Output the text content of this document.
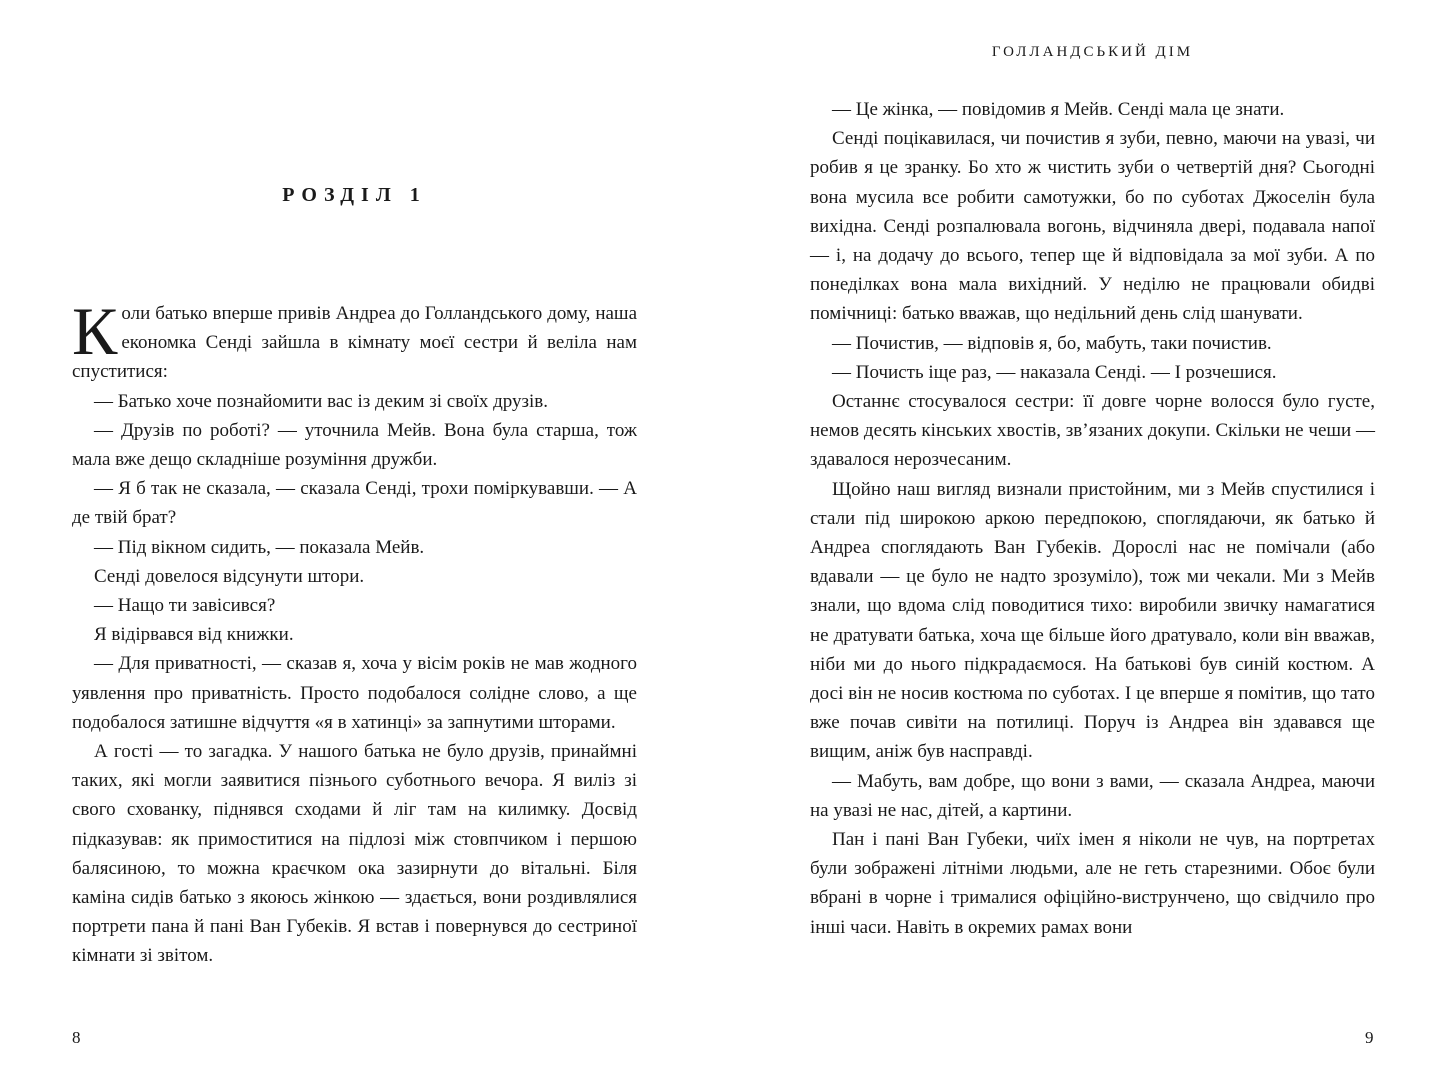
РОЗДІЛ 1

Коли батько вперше привів Андреа до Голландського дому, наша економка Сенді зайшла в кімнату моєї сестри й веліла нам спуститися:

— Батько хоче познайомити вас із деким зі своїх друзів.

— Друзів по роботі? — уточнила Мейв. Вона була старша, тож мала вже дещо складніше розуміння дружби.

— Я б так не сказала, — сказала Сенді, трохи поміркувавши. — А де твій брат?

— Під вікном сидить, — показала Мейв.

Сенді довелося відсунути штори.

— Нащо ти завісився?

Я відірвався від книжки.

— Для приватності, — сказав я, хоча у вісім років не мав жодного уявлення про приватність. Просто подобалося солідне слово, а ще подобалося затишне відчуття «я в хатинці» за запнутими шторами.

А гості — то загадка. У нашого батька не було друзів, принаймні таких, які могли заявитися пізнього суботнього вечора. Я виліз зі свого схованку, піднявся сходами й ліг там на килимку. Досвід підказував: як примоститися на підлозі між стовпчиком і першою балясиною, то можна краєчком ока зазирнути до вітальні. Біля каміна сидів батько з якоюсь жінкою — здається, вони роздивлялися портрети пана й пані Ван Губеків. Я встав і повернувся до сестриної кімнати зі звітом.

8
ГОЛЛАНДСЬКИЙ ДІМ

— Це жінка, — повідомив я Мейв. Сенді мала це знати.

Сенді поцікавилася, чи почистив я зуби, певно, маючи на увазі, чи робив я це зранку. Бо хто ж чистить зуби о четвертій дня? Сьогодні вона мусила все робити самотужки, бо по суботах Джоселін була вихідна. Сенді розпалювала вогонь, відчиняла двері, подавала напої — і, на додачу до всього, тепер ще й відповідала за мої зуби. А по понеділках вона мала вихідний. У неділю не працювали обидві помічниці: батько вважав, що недільний день слід шанувати.

— Почистив, — відповів я, бо, мабуть, таки почистив.

— Почисть іще раз, — наказала Сенді. — І розчешися.

Останнє стосувалося сестри: її довге чорне волосся було густе, немов десять кінських хвостів, зв’язаних докупи. Скільки не чеши — здавалося нерозчесаним.

Щойно наш вигляд визнали пристойним, ми з Мейв спустилися і стали під широкою аркою передпокою, споглядаючи, як батько й Андреа споглядають Ван Губеків. Дорослі нас не помічали (або вдавали — це було не надто зрозуміло), тож ми чекали. Ми з Мейв знали, що вдома слід поводитися тихо: виробили звичку намагатися не дратувати батька, хоча ще більше його дратувало, коли він вважав, ніби ми до нього підкрадаємося. На батькові був синій костюм. А досі він не носив костюма по суботах. І це вперше я помітив, що тато вже почав сивіти на потилиці. Поруч із Андреа він здавався ще вищим, аніж був насправді.

— Мабуть, вам добре, що вони з вами, — сказала Андреа, маючи на увазі не нас, дітей, а картини.

Пан і пані Ван Губеки, чиїх імен я ніколи не чув, на портретах були зображені літніми людьми, але не геть старезними. Обоє були вбрані в чорне і трималися офіційно-виструнчено, що свідчило про інші часи. Навіть в окремих рамах вони

9
